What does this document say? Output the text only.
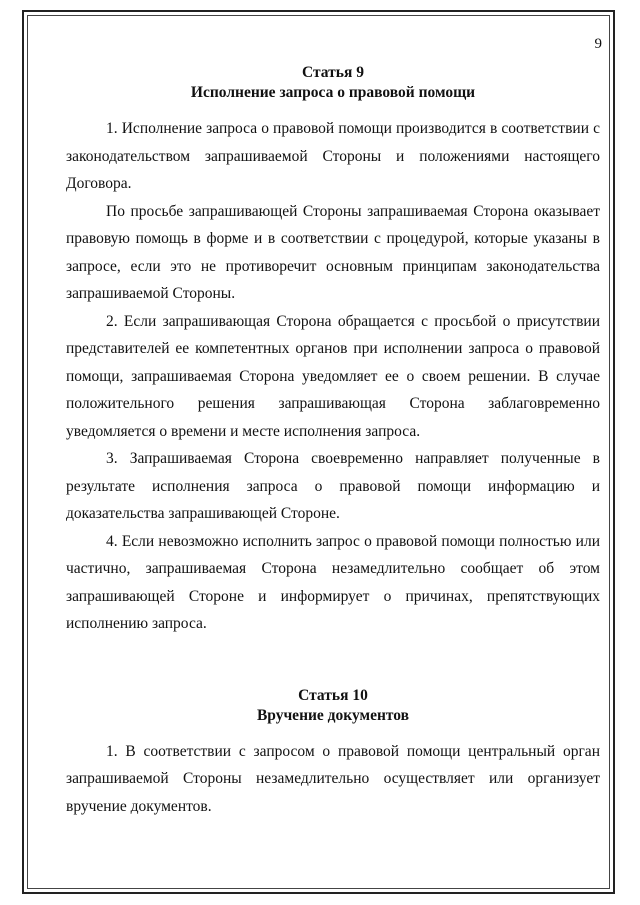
9
Статья 9
Исполнение запроса о правовой помощи

1. Исполнение запроса о правовой помощи производится в соответствии с законодательством запрашиваемой Стороны и положениями настоящего Договора.

По просьбе запрашивающей Стороны запрашиваемая Сторона оказывает правовую помощь в форме и в соответствии с процедурой, которые указаны в запросе, если это не противоречит основным принципам законодательства запрашиваемой Стороны.

2. Если запрашивающая Сторона обращается с просьбой о присутствии представителей ее компетентных органов при исполнении запроса о правовой помощи, запрашиваемая Сторона уведомляет ее о своем решении. В случае положительного решения запрашивающая Сторона заблаговременно уведомляется о времени и месте исполнения запроса.

3. Запрашиваемая Сторона своевременно направляет полученные в результате исполнения запроса о правовой помощи информацию и доказательства запрашивающей Стороне.

4. Если невозможно исполнить запрос о правовой помощи полностью или частично, запрашиваемая Сторона незамедлительно сообщает об этом запрашивающей Стороне и информирует о причинах, препятствующих исполнению запроса.

Статья 10
Вручение документов

1. В соответствии с запросом о правовой помощи центральный орган запрашиваемой Стороны незамедлительно осуществляет или организует вручение документов.
